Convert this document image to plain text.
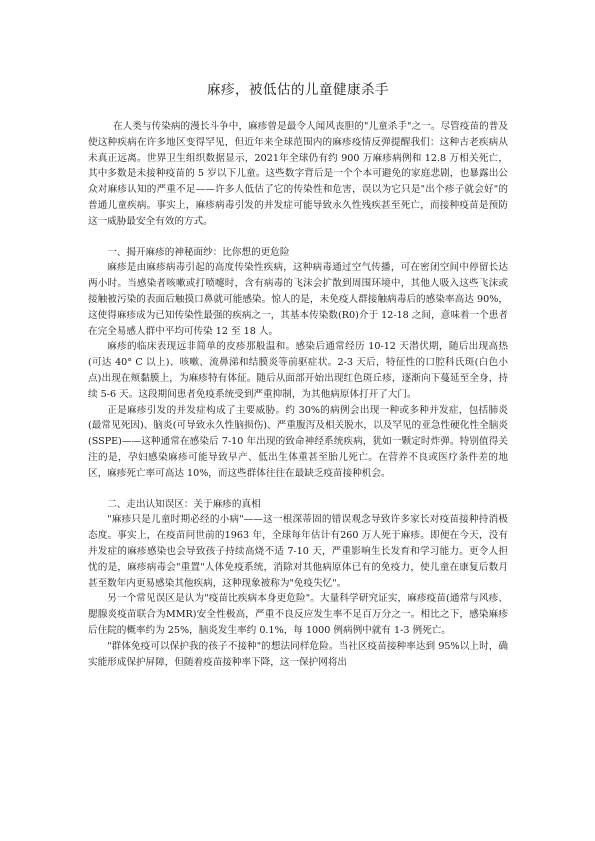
麻疹，被低估的儿童健康杀手

在人类与传染病的漫长斗争中，麻疹曾是最令人闻风丧胆的"儿童杀手"之一。尽管疫苗的普及使这种疾病在许多地区变得罕见，但近年来全球范围内的麻疹疫情反弹提醒我们：这种古老疾病从未真正远离。世界卫生组织数据显示，2021年全球仍有约 900 万麻疹病例和 12.8 万相关死亡，其中多数是未接种疫苗的 5 岁以下儿童。这些数字背后是一个个本可避免的家庭悲剧，也暴露出公众对麻疹认知的严重不足——许多人低估了它的传染性和危害，误以为它只是"出个疹子就会好"的普通儿童疾病。事实上，麻疹病毒引发的并发症可能导致永久性残疾甚至死亡，而接种疫苗是预防这一威胁最安全有效的方式。

一、揭开麻疹的神秘面纱：比你想的更危险

麻疹是由麻疹病毒引起的高度传染性疾病，这种病毒通过空气传播，可在密闭空间中停留长达两小时。当感染者咳嗽或打喷嚏时，含有病毒的飞沫会扩散到周围环境中，其他人吸入这些飞沫或接触被污染的表面后触摸口鼻就可能感染。惊人的是，未免疫人群接触病毒后的感染率高达 90%，这使得麻疹成为已知传染性最强的疾病之一，其基本传染数(R0)介于 12-18 之间，意味着一个患者在完全易感人群中平均可传染 12 至 18 人。

麻疹的临床表现远非简单的皮疹那般温和。感染后通常经历 10-12 天潜伏期，随后出现高热(可达 40° C 以上)、咳嗽、流鼻涕和结膜炎等前驱症状。2-3 天后，特征性的口腔科氏斑(白色小点)出现在颊黏膜上，为麻疹特有体征。随后从面部开始出现红色斑丘疹，逐渐向下蔓延至全身，持续 5-6 天。这段期间患者免疫系统受到严重抑制，为其他病原体打开了大门。

正是麻疹引发的并发症构成了主要威胁。约 30%的病例会出现一种或多种并发症，包括肺炎(最常见死因)、脑炎(可导致永久性脑损伤)、严重腹泻及相关脱水，以及罕见的亚急性硬化性全脑炎(SSPE)——这种通常在感染后 7-10 年出现的致命神经系统疾病，犹如一颗定时炸弹。特别值得关注的是，孕妇感染麻疹可能导致早产、低出生体重甚至胎儿死亡。在营养不良或医疗条件差的地区，麻疹死亡率可高达 10%，而这些群体往往在最缺乏疫苗接种机会。

二、走出认知误区：关于麻疹的真相

"麻疹只是儿童时期必经的小病"——这一根深蒂固的错误观念导致许多家长对疫苗接种持消极态度。事实上，在疫苗问世前的1963 年，全球每年估计有260 万人死于麻疹。即便在今天，没有并发症的麻疹感染也会导致孩子持续高烧不适 7-10 天，严重影响生长发育和学习能力。更令人担忧的是，麻疹病毒会"重置"人体免疫系统，消除对其他病原体已有的免疫力，使儿童在康复后数月甚至数年内更易感染其他疾病，这种现象被称为"免疫失忆"。

另一个常见误区是认为"疫苗比疾病本身更危险"。大量科学研究证实，麻疹疫苗(通常与风疹、腮腺炎疫苗联合为MMR)安全性极高，严重不良反应发生率不足百万分之一。相比之下，感染麻疹后住院的概率约为 25%，脑炎发生率约 0.1%，每 1000 例病例中就有 1-3 例死亡。

"群体免疫可以保护我的孩子不接种"的想法同样危险。当社区疫苗接种率达到 95%以上时，确实能形成保护屏障，但随着疫苗接种率下降，这一保护网将出
